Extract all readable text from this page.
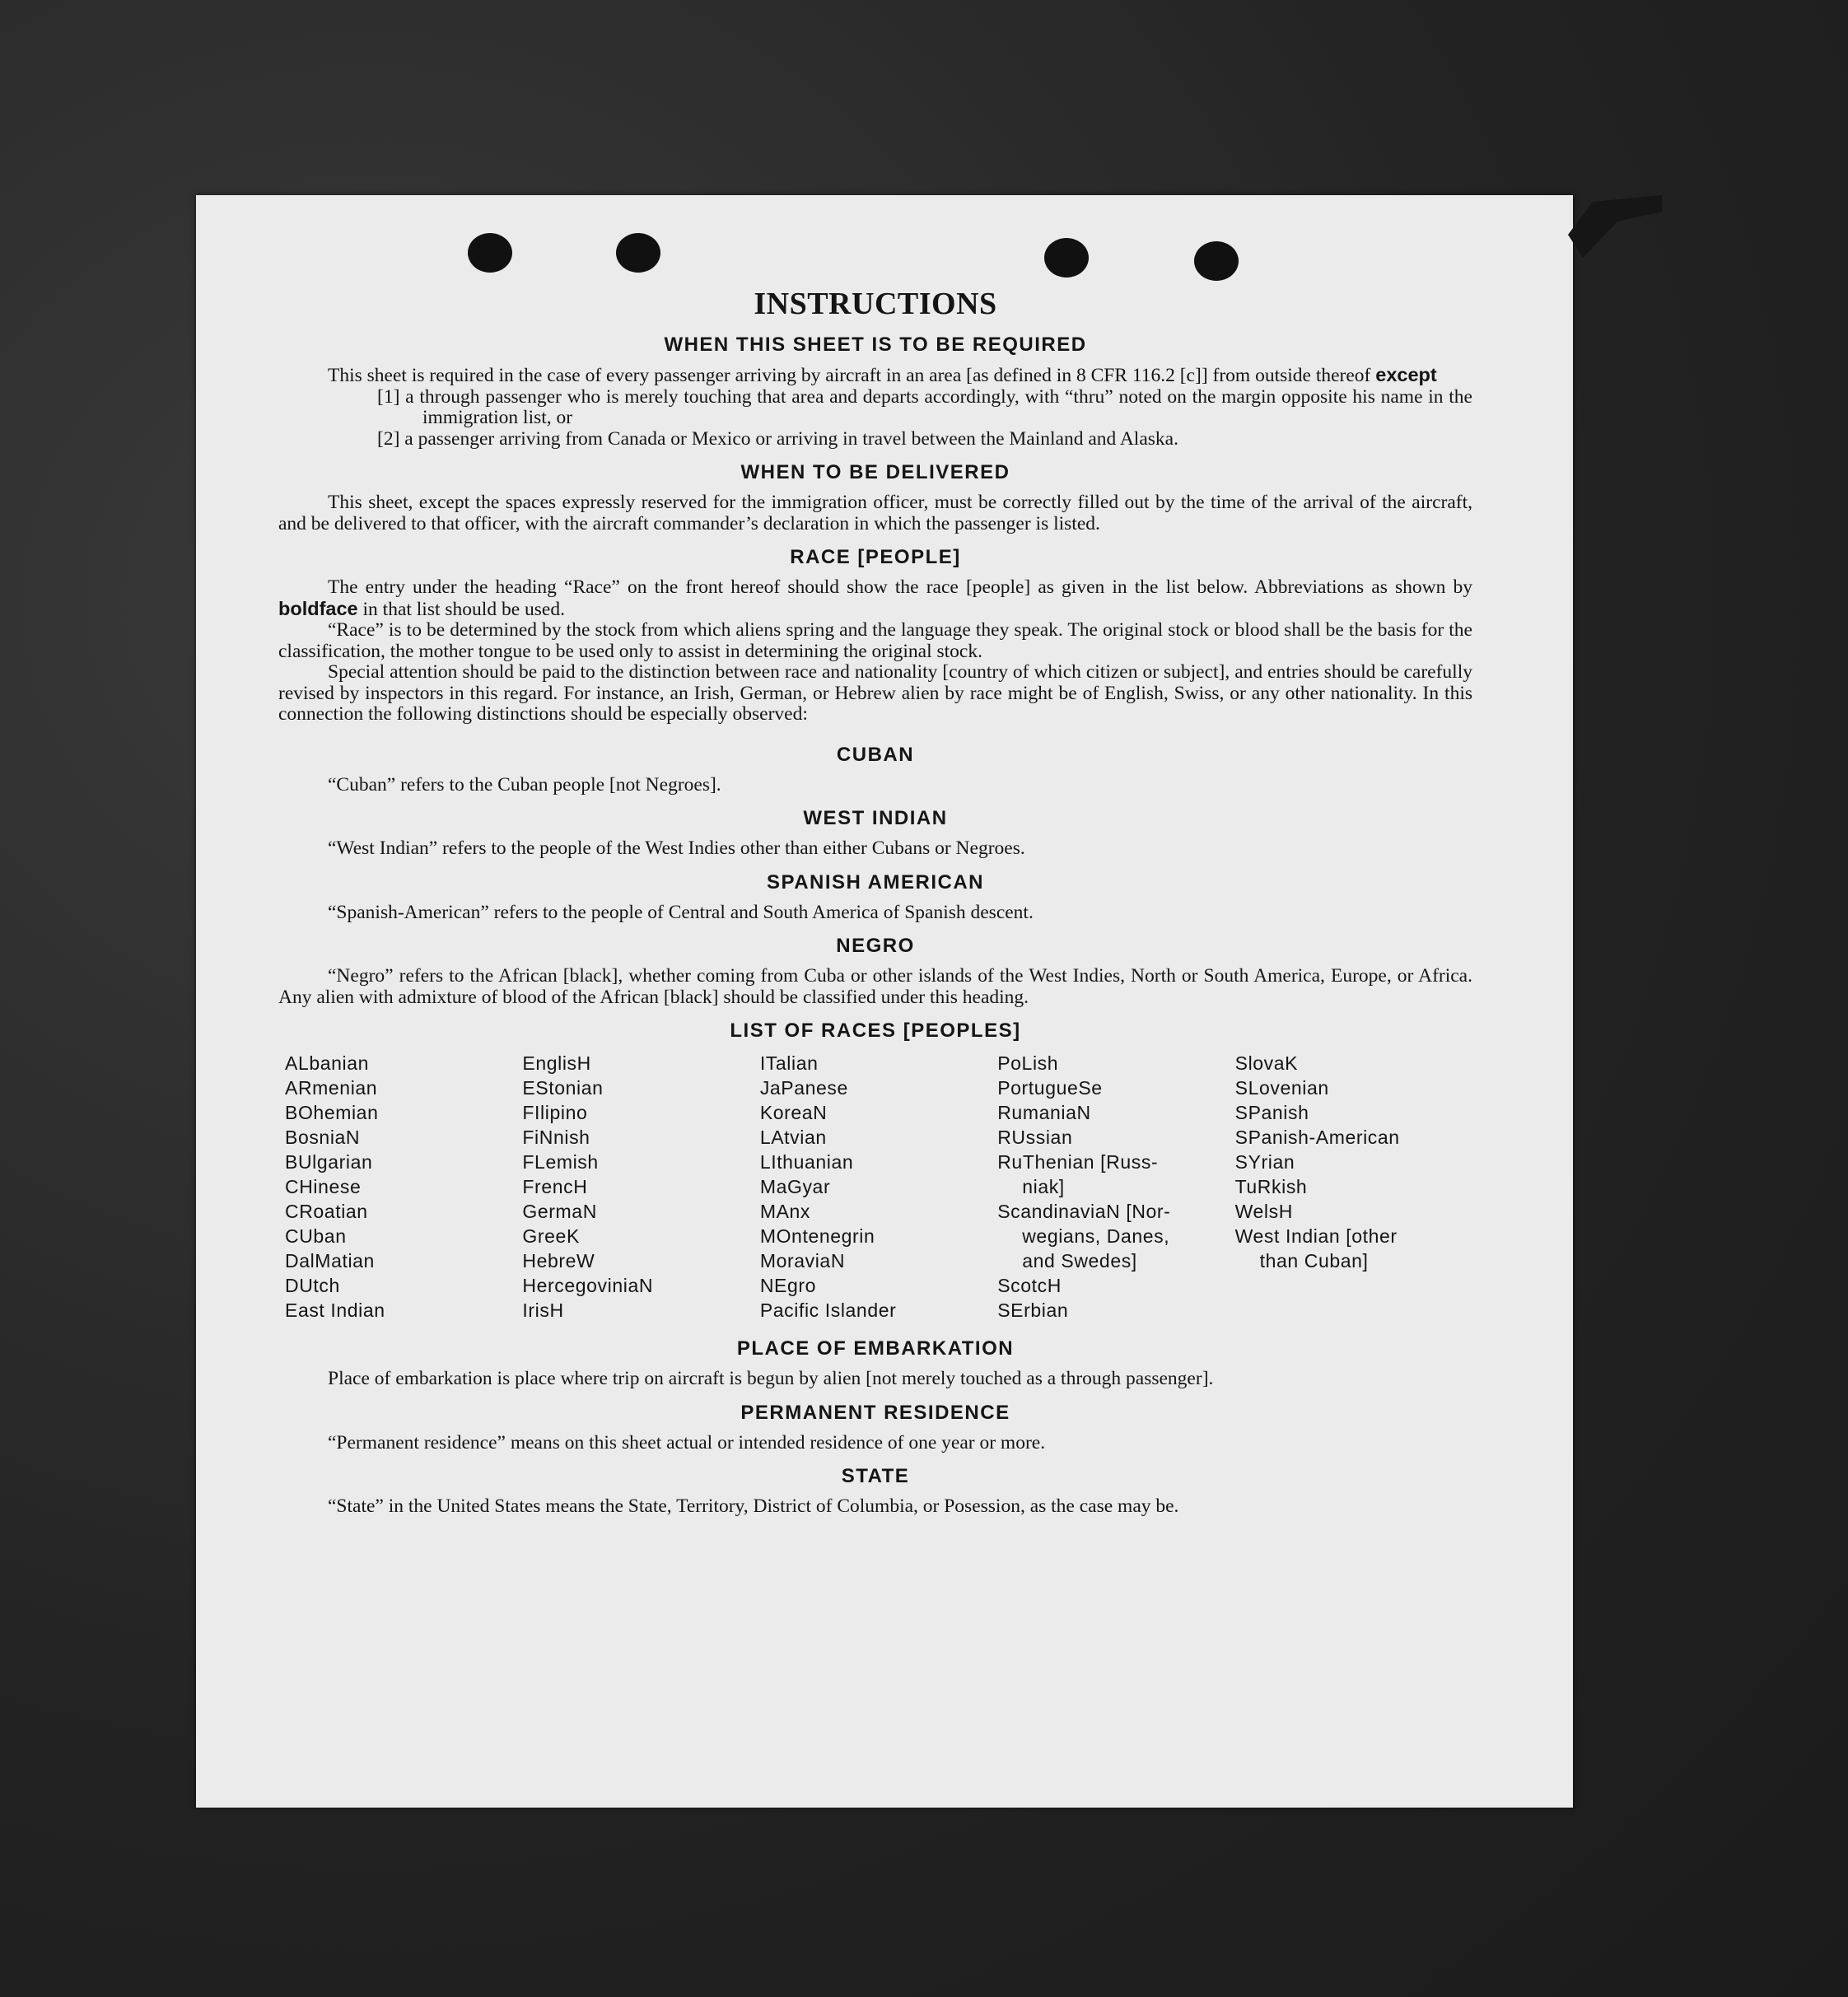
INSTRUCTIONS
WHEN THIS SHEET IS TO BE REQUIRED

This sheet is required in the case of every passenger arriving by aircraft in an area [as defined in 8 CFR 116.2 [c]] from outside thereof except

[1] a through passenger who is merely touching that area and departs accordingly, with “thru” noted on the margin opposite his name in the immigration list, or
[2] a passenger arriving from Canada or Mexico or arriving in travel between the Mainland and Alaska.
WHEN TO BE DELIVERED

This sheet, except the spaces expressly reserved for the immigration officer, must be correctly filled out by the time of the arrival of the aircraft, and be delivered to that officer, with the aircraft commander’s declaration in which the passenger is listed.

RACE [PEOPLE]

The entry under the heading “Race” on the front hereof should show the race [people] as given in the list below. Abbreviations as shown by boldface in that list should be used.

“Race” is to be determined by the stock from which aliens spring and the language they speak. The original stock or blood shall be the basis for the classification, the mother tongue to be used only to assist in determining the original stock.

Special attention should be paid to the distinction between race and nationality [country of which citizen or subject], and entries should be carefully revised by inspectors in this regard. For instance, an Irish, German, or Hebrew alien by race might be of English, Swiss, or any other nationality. In this connection the following distinctions should be especially observed:

CUBAN

“Cuban” refers to the Cuban people [not Negroes].

WEST INDIAN

“West Indian” refers to the people of the West Indies other than either Cubans or Negroes.

SPANISH AMERICAN

“Spanish-American” refers to the people of Central and South America of Spanish descent.

NEGRO

“Negro” refers to the African [black], whether coming from Cuba or other islands of the West Indies, North or South America, Europe, or Africa. Any alien with admixture of blood of the African [black] should be classified under this heading.

LIST OF RACES [PEOPLES]
ALbanian
ARmenian
BOhemian
BosniaN
BUlgarian
CHinese
CRoatian
CUban
DalMatian
DUtch
East Indian
EnglisH
EStonian
FIlipino
FiNnish
FLemish
FrencH
GermaN
GreeK
HebreW
HercegoviniaN
IrisH
ITalian
JaPanese
KoreaN
LAtvian
LIthuanian
MaGyar
MAnx
MOntenegrin
MoraviaN
NEgro
Pacific Islander
PoLish
PortugueSe
RumaniaN
RUssian
RuThenian [Russ-
niak]
ScandinaviaN [Nor-
wegians, Danes,
and Swedes]
ScotcH
SErbian
SlovaK
SLovenian
SPanish
SPanish-American
SYrian
TuRkish
WelsH
West Indian [other
than Cuban]
PLACE OF EMBARKATION

Place of embarkation is place where trip on aircraft is begun by alien [not merely touched as a through passenger].

PERMANENT RESIDENCE

“Permanent residence” means on this sheet actual or intended residence of one year or more.

STATE

“State” in the United States means the State, Territory, District of Columbia, or Posession, as the case may be.
